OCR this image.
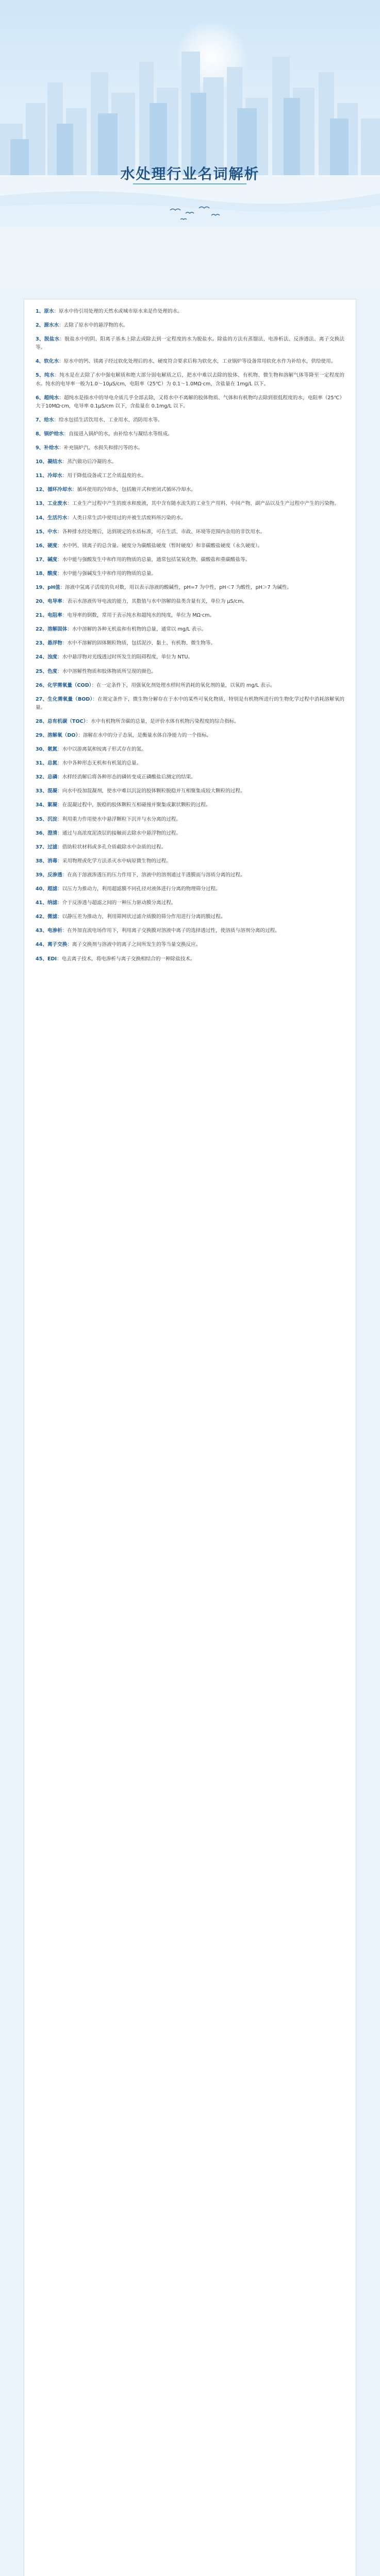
水处理行业名词解析

1、原水：原水中待引用处理的天然水或城市原水来是作处理的水。

2、源水水：去除了原水中的悬浮物的水。

3、脱盐水：脱盐水中的阴、阳离子基本上除去或除去到一定程度的水为脱盐水。除盐的方法有蒸馏法、电渗析法、反渗透法、离子交换法等。

4、软化水：原水中的钙、镁离子经过软化处理后的水，硬度符合要求后称为软化水，工业锅炉等设备常用软化水作为补给水，供给使用。

5、纯水：纯水是在去除了水中强电解质和绝大部分弱电解质之后，把水中难以去除的胶体、有机物、微生物和溶解气体等降至一定程度的水。纯水的电导率一般为1.0～10μS/cm，电阻率（25℃）为 0.1～1.0MΩ·cm，含盐量在 1mg/L 以下。

6、超纯水：超纯水是指水中的导电介质几乎全部去除，又将水中不离解的胶体物质、气体和有机物均去除到很低程度的水，电阻率（25℃）大于10MΩ·cm，电导率 0.1μS/cm 以下，含盐量在 0.1mg/L 以下。

7、给水：给水包括生活饮用水、工业用水、消防用水等。

8、锅炉给水：直接进入锅炉的水，由补给水与凝结水等组成。

9、补给水：补充锅炉汽、水损失和排污等的水。

10、凝结水：蒸汽做功后冷凝的水。

11、冷却水：用于降低设备或工艺介质温度的水。

12、循环冷却水：循环使用的冷却水，包括敞开式和密闭式循环冷却水。

13、工业废水：工业生产过程中产生的废水和废液，其中含有随水流失的工业生产用料、中间产物、副产品以及生产过程中产生的污染物。

14、生活污水：人类日常生活中使用过的并被生活废料所污染的水。

15、中水：各种排水经处理后，达到规定的水质标准，可在生活、市政、环境等范围内杂用的非饮用水。

16、硬度：水中钙、镁离子的总含量。硬度分为碳酸盐硬度（暂时硬度）和非碳酸盐硬度（永久硬度）。

17、碱度：水中能与强酸发生中和作用的物质的总量，通常包括氢氧化物、碳酸盐和重碳酸盐等。

18、酸度：水中能与强碱发生中和作用的物质的总量。

19、pH值：溶液中氢离子活度的负对数，用以表示溶液的酸碱性，pH=7 为中性，pH＜7 为酸性，pH＞7 为碱性。

20、电导率：表示水溶液传导电流的能力，其数值与水中溶解的盐类含量有关，单位为 μS/cm。

21、电阻率：电导率的倒数，常用于表示纯水和超纯水的纯度，单位为 MΩ·cm。

22、溶解固体：水中溶解的各种无机盐和有机物的总量，通常以 mg/L 表示。

23、悬浮物：水中不溶解的固体颗粒物质，包括泥沙、黏土、有机物、微生物等。

24、浊度：水中悬浮物对光线透过时所发生的阻碍程度，单位为 NTU。

25、色度：水中溶解性物质和胶体物质所呈现的颜色。

26、化学需氧量（COD）：在一定条件下，用强氧化剂处理水样时所消耗的氧化剂的量，以氧的 mg/L 表示。

27、生化需氧量（BOD）：在规定条件下，微生物分解存在于水中的某些可氧化物质，特别是有机物所进行的生物化学过程中消耗溶解氧的量。

28、总有机碳（TOC）：水中有机物所含碳的总量，是评价水体有机物污染程度的综合指标。

29、溶解氧（DO）：溶解在水中的分子态氧，是衡量水体自净能力的一个指标。

30、氨氮：水中以游离氨和铵离子形式存在的氮。

31、总氮：水中各种形态无机和有机氮的总量。

32、总磷：水样经消解后将各种形态的磷转变成正磷酸盐后测定的结果。

33、混凝：向水中投加混凝剂，使水中难以沉淀的胶体颗粒脱稳并互相聚集成较大颗粒的过程。

34、絮凝：在混凝过程中，脱稳的胶体颗粒互相碰撞并聚集成絮状颗粒的过程。

35、沉淀：利用重力作用使水中悬浮颗粒下沉并与水分离的过程。

36、澄清：通过与高浓度泥渣层的接触而去除水中悬浮物的过程。

37、过滤：借助粒状材料或多孔介质截除水中杂质的过程。

38、消毒：采用物理或化学方法杀灭水中病原微生物的过程。

39、反渗透：在高于溶液渗透压的压力作用下，溶液中的溶剂通过半透膜而与溶质分离的过程。

40、超滤：以压力为推动力，利用超滤膜不同孔径对液体进行分离的物理筛分过程。

41、纳滤：介于反渗透与超滤之间的一种压力驱动膜分离过程。

42、微滤：以静压差为推动力，利用筛网状过滤介质膜的筛分作用进行分离的膜过程。

43、电渗析：在外加直流电场作用下，利用离子交换膜对溶液中离子的选择透过性，使溶质与溶剂分离的过程。

44、离子交换：离子交换剂与溶液中的离子之间所发生的等当量交换反应。

45、EDI：电去离子技术，将电渗析与离子交换相结合的一种除盐技术。
